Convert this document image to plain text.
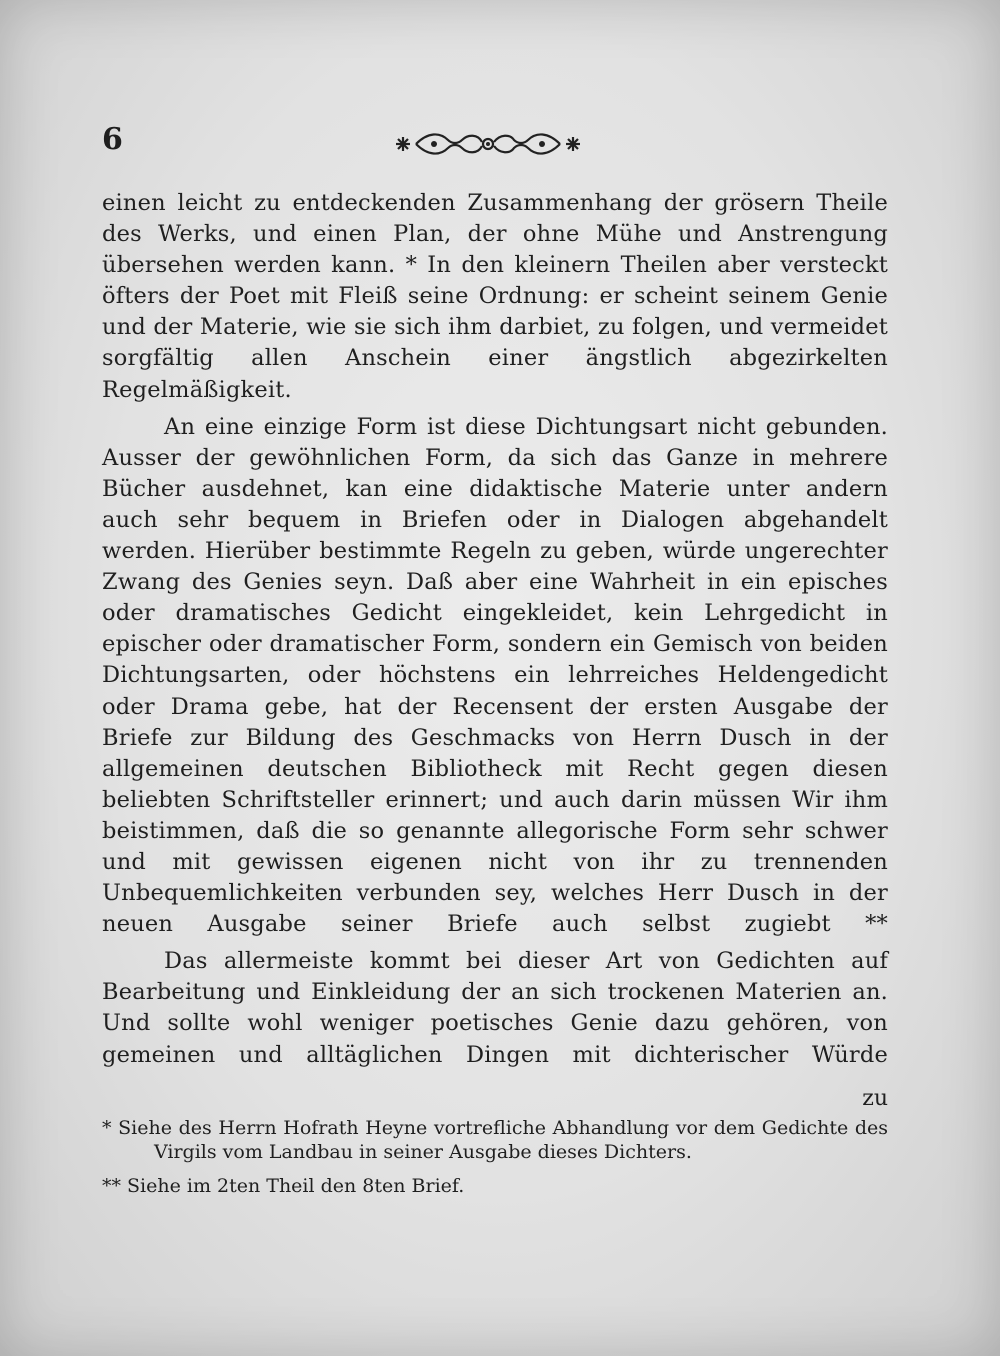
6

einen leicht zu entdeckenden Zusammenhang der grösern Theile des Werks, und einen Plan, der ohne Mühe und Anstrengung übersehen werden kann. * In den kleinern Theilen aber versteckt öfters der Poet mit Fleiß seine Ordnung: er scheint seinem Genie und der Materie, wie sie sich ihm darbiet, zu folgen, und vermeidet sorgfältig allen Anschein einer ängstlich abgezirkelten Regelmäßigkeit.

An eine einzige Form ist diese Dichtungsart nicht gebunden. Ausser der gewöhnlichen Form, da sich das Ganze in mehrere Bücher ausdehnet, kan eine didaktische Materie unter andern auch sehr bequem in Briefen oder in Dialogen abgehandelt werden. Hierüber bestimmte Regeln zu geben, würde ungerechter Zwang des Genies seyn. Daß aber eine Wahrheit in ein episches oder dramatisches Gedicht eingekleidet, kein Lehrgedicht in epischer oder dramatischer Form, sondern ein Gemisch von beiden Dichtungsarten, oder höchstens ein lehrreiches Heldengedicht oder Drama gebe, hat der Recensent der ersten Ausgabe der Briefe zur Bildung des Geschmacks von Herrn Dusch in der allgemeinen deutschen Bibliotheck mit Recht gegen diesen beliebten Schriftsteller erinnert; und auch darin müssen Wir ihm beistimmen, daß die so genannte allegorische Form sehr schwer und mit gewissen eigenen nicht von ihr zu trennenden Unbequemlichkeiten verbunden sey, welches Herr Dusch in der neuen Ausgabe seiner Briefe auch selbst zugiebt **

Das allermeiste kommt bei dieser Art von Gedichten auf Bearbeitung und Einkleidung der an sich trockenen Materien an. Und sollte wohl weniger poetisches Genie dazu gehören, von gemeinen und alltäglichen Dingen mit dichterischer Würde

zu

* Siehe des Herrn Hofrath Heyne vortrefliche Abhandlung vor dem Gedichte des Virgils vom Landbau in seiner Ausgabe dieses Dichters.

** Siehe im 2ten Theil den 8ten Brief.
